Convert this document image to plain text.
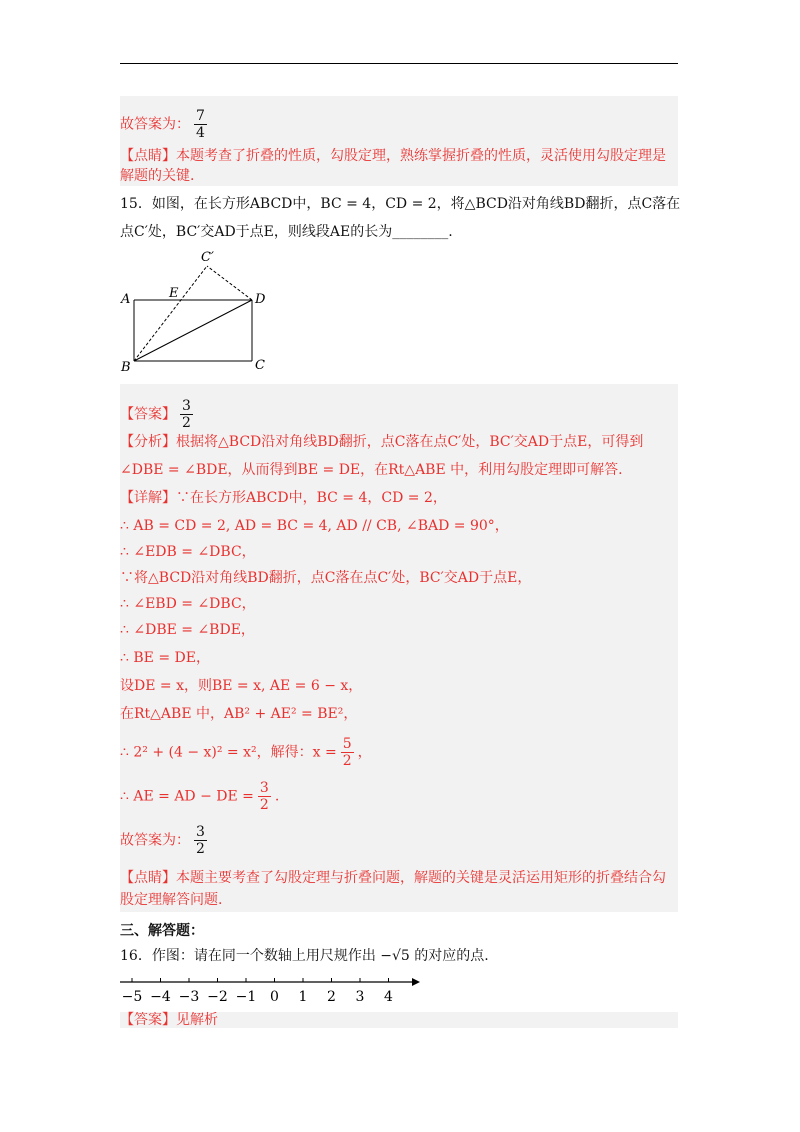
故答案为： $\frac{7}{4}$
【点睛】本题考查了折叠的性质，勾股定理，熟练掌握折叠的性质，灵活使用勾股定理是
解题的关键.
15．如图，在长方形ABCD中，BC = 4，CD = 2，将△BCD沿对角线BD翻折，点C落在
点C′处，BC′交AD于点E，则线段AE的长为________.
A
B	C
D
E
C′
【答案】 $\frac{3}{2}$
【分析】根据将△BCD沿对角线BD翻折，点C落在点C′处，BC′交AD于点E，可得到
∠DBE = ∠BDE，从而得到BE = DE，在Rt△ABE 中，利用勾股定理即可解答.
【详解】∵在长方形ABCD中，BC = 4，CD = 2，
∴ AB = CD = 2, AD = BC = 4, AD // CB, ∠BAD = 90°，
∴ ∠EDB = ∠DBC，
∵将△BCD沿对角线BD翻折，点C落在点C′处，BC′交AD于点E，
∴ ∠EBD = ∠DBC，
∴ ∠DBE = ∠BDE，
∴ BE = DE，
设DE = x，则BE = x, AE = 6 − x，
在Rt△ABE 中，AB² + AE² = BE²，
∴ 2² + (4 − x)² = x²，解得：$x = \frac{5}{2}$ ，
∴ AE = AD − DE = $\frac{3}{2}$ .
故答案为： $\frac{3}{2}$
【点睛】本题主要考查了勾股定理与折叠问题，解题的关键是灵活运用矩形的折叠结合勾
股定理解答问题.
三、解答题：
16．作图：请在同一个数轴上用尺规作出 −√5 的对应的点.
−5 −4 −3 −2 −1 0 1 2 3 4
【答案】见解析
